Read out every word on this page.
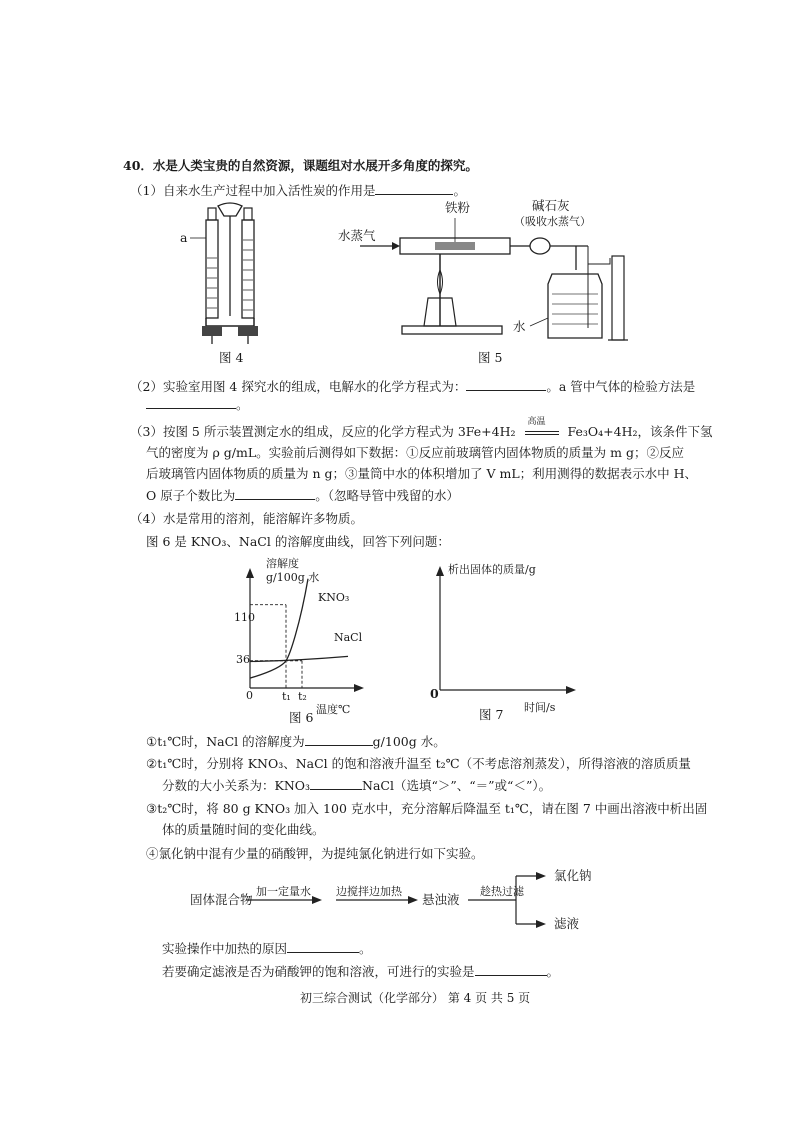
40．水是人类宝贵的自然资源，课题组对水展开多角度的探究。
（1）自来水生产过程中加入活性炭的作用是	。
a
图 4
铁粉	碱石灰
（吸收水蒸气）
水蒸气
水
图 5
（2）实验室用图 4 探究水的组成，电解水的化学方程式为：	。a 管中气体的检验方法是
。
（3）按图 5 所示装置测定水的组成，反应的化学方程式为 3Fe+4H₂
高温
Fe₃O₄+4H₂，该条件下氢
气的密度为 ρ g/mL。实验前后测得如下数据：①反应前玻璃管内固体物质的质量为 m g；②反应
后玻璃管内固体物质的质量为 n g；③量筒中水的体积增加了 V mL；利用测得的数据表示水中 H、
O 原子个数比为	。（忽略导管中残留的水）
（4）水是常用的溶剂，能溶解许多物质。
图 6 是 KNO₃、NaCl 的溶解度曲线，回答下列问题：
溶解度
g/100g 水
0
110
36
t₁ t₂
温度℃
KNO₃
NaCl
图 6
析出固体的质量/g
0
时间/s
图 7
①t₁℃时，NaCl 的溶解度为	g/100g 水。
②t₁℃时，分别将 KNO₃、NaCl 的饱和溶液升温至 t₂℃（不考虑溶剂蒸发），所得溶液的溶质质量
分数的大小关系为：KNO₃	NaCl（选填“＞”、“＝”或“＜”）。
③t₂℃时，将 80 g KNO₃ 加入 100 克水中，充分溶解后降温至 t₁℃，请在图 7 中画出溶液中析出固
体的质量随时间的变化曲线。
④氯化钠中混有少量的硝酸钾，为提纯氯化钠进行如下实验。
固体混合物
加一定量水 边搅拌边加热
悬浊液
趁热过滤
氯化钠
滤液
实验操作中加热的原因	。
若要确定滤液是否为硝酸钾的饱和溶液，可进行的实验是	。
初三综合测试（化学部分） 第 4 页 共 5 页
